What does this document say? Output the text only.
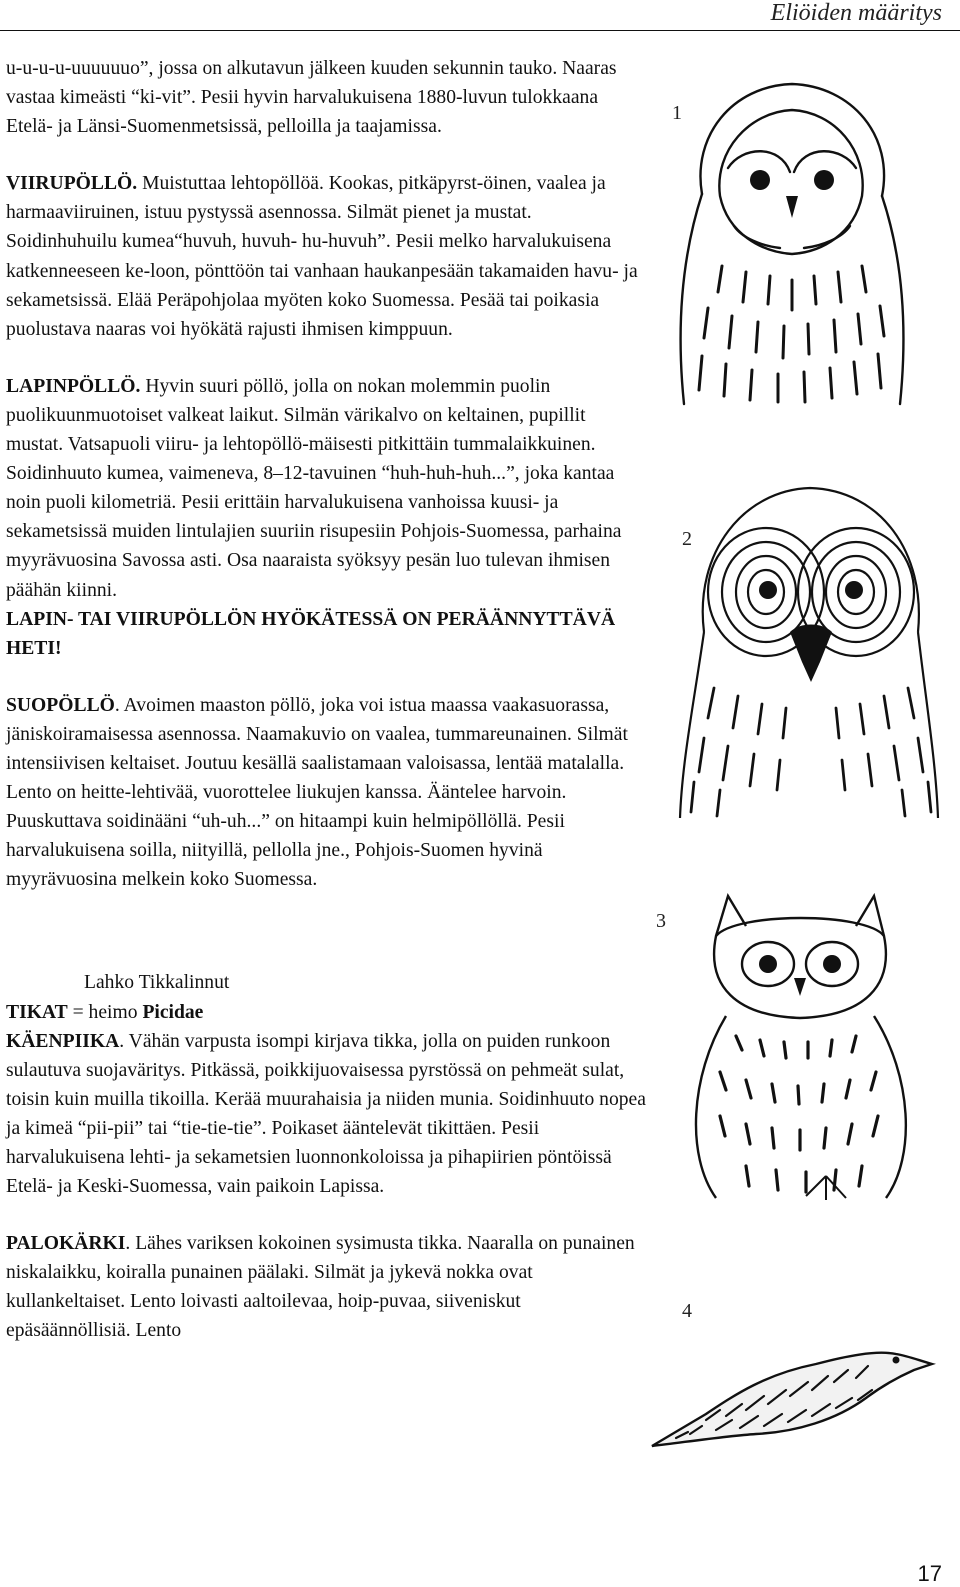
Eliöiden määritys

u-u-u-u-uuuuuuo”, jossa on alkutavun jälkeen kuuden sekunnin tauko. Naaras vastaa kimeästi “ki-vit”. Pesii hyvin harvalukuisena 1880-luvun tulokkaana Etelä- ja Länsi-Suomenmetsissä, pelloilla ja taajamissa.

VIIRUPÖLLÖ. Muistuttaa lehtopöllöä. Kookas, pitkäpyrst-öinen, vaalea ja harmaaviiruinen, istuu pystyssä asennossa. Silmät pienet ja mustat. Soidinhuhuilu kumea“huvuh, huvuh- hu-huvuh”. Pesii melko harvalukuisena katkenneeseen ke-loon, pönttöön tai vanhaan haukanpesään takamaiden havu- ja sekametsissä. Elää Peräpohjolaa myöten koko Suomessa. Pesää tai poikasia puolustava naaras voi hyökätä rajusti ihmisen kimppuun.

LAPINPÖLLÖ. Hyvin suuri pöllö, jolla on nokan molemmin puolin puolikuunmuotoiset valkeat laikut. Silmän värikalvo on keltainen, pupillit mustat. Vatsapuoli viiru- ja lehtopöllö-mäisesti pitkittäin tummalaikkuinen. Soidinhuuto kumea, vaimeneva, 8–12-tavuinen “huh-huh-huh...”, joka kantaa noin puoli kilometriä. Pesii erittäin harvalukuisena vanhoissa kuusi- ja sekametsissä muiden lintulajien suuriin risupesiin Pohjois-Suomessa, parhaina myyrävuosina Savossa asti. Osa naaraista syöksyy pesän luo tulevan ihmisen päähän kiinni.

LAPIN- TAI VIIRUPÖLLÖN HYÖKÄTESSÄ ON PERÄÄNNYTTÄVÄ HETI!

SUOPÖLLÖ. Avoimen maaston pöllö, joka voi istua maassa vaakasuorassa, jäniskoiramaisessa asennossa. Naamakuvio on vaalea, tummareunainen. Silmät intensiivisen keltaiset. Joutuu kesällä saalistamaan valoisassa, lentää matalalla. Lento on heitte-lehtivää, vuorottelee liukujen kanssa. Ääntelee harvoin. Puuskuttava soidinääni “uh-uh...” on hitaampi kuin helmipöllöllä. Pesii harvalukuisena soilla, niityillä, pellolla jne., Pohjois-Suomen hyvinä myyrävuosina melkein koko Suomessa.

Lahko Tikkalinnut
TIKAT = heimo Picidae
KÄENPIIKA. Vähän varpusta isompi kirjava tikka, jolla on puiden runkoon sulautuva suojaväritys. Pitkässä, poikkijuovaisessa pyrstössä on pehmeät sulat, toisin kuin muilla tikoilla. Kerää muurahaisia ja niiden munia. Soidinhuuto nopea ja kimeä “pii-pii” tai “tie-tie-tie”. Poikaset ääntelevät tikittäen. Pesii harvalukuisena lehti- ja sekametsien luonnonkoloissa ja pihapiirien pöntöissä Etelä- ja Keski-Suomessa, vain paikoin Lapissa.

PALOKÄRKI. Lähes variksen kokoinen sysimusta tikka. Naaralla on punainen niskalaikku, koiralla punainen päälaki. Silmät ja jykevä nokka ovat kullankeltaiset. Lento loivasti aaltoilevaa, hoip-puvaa, siiveniskut epäsäännöllisiä. Lento

1
2
3
4
17
